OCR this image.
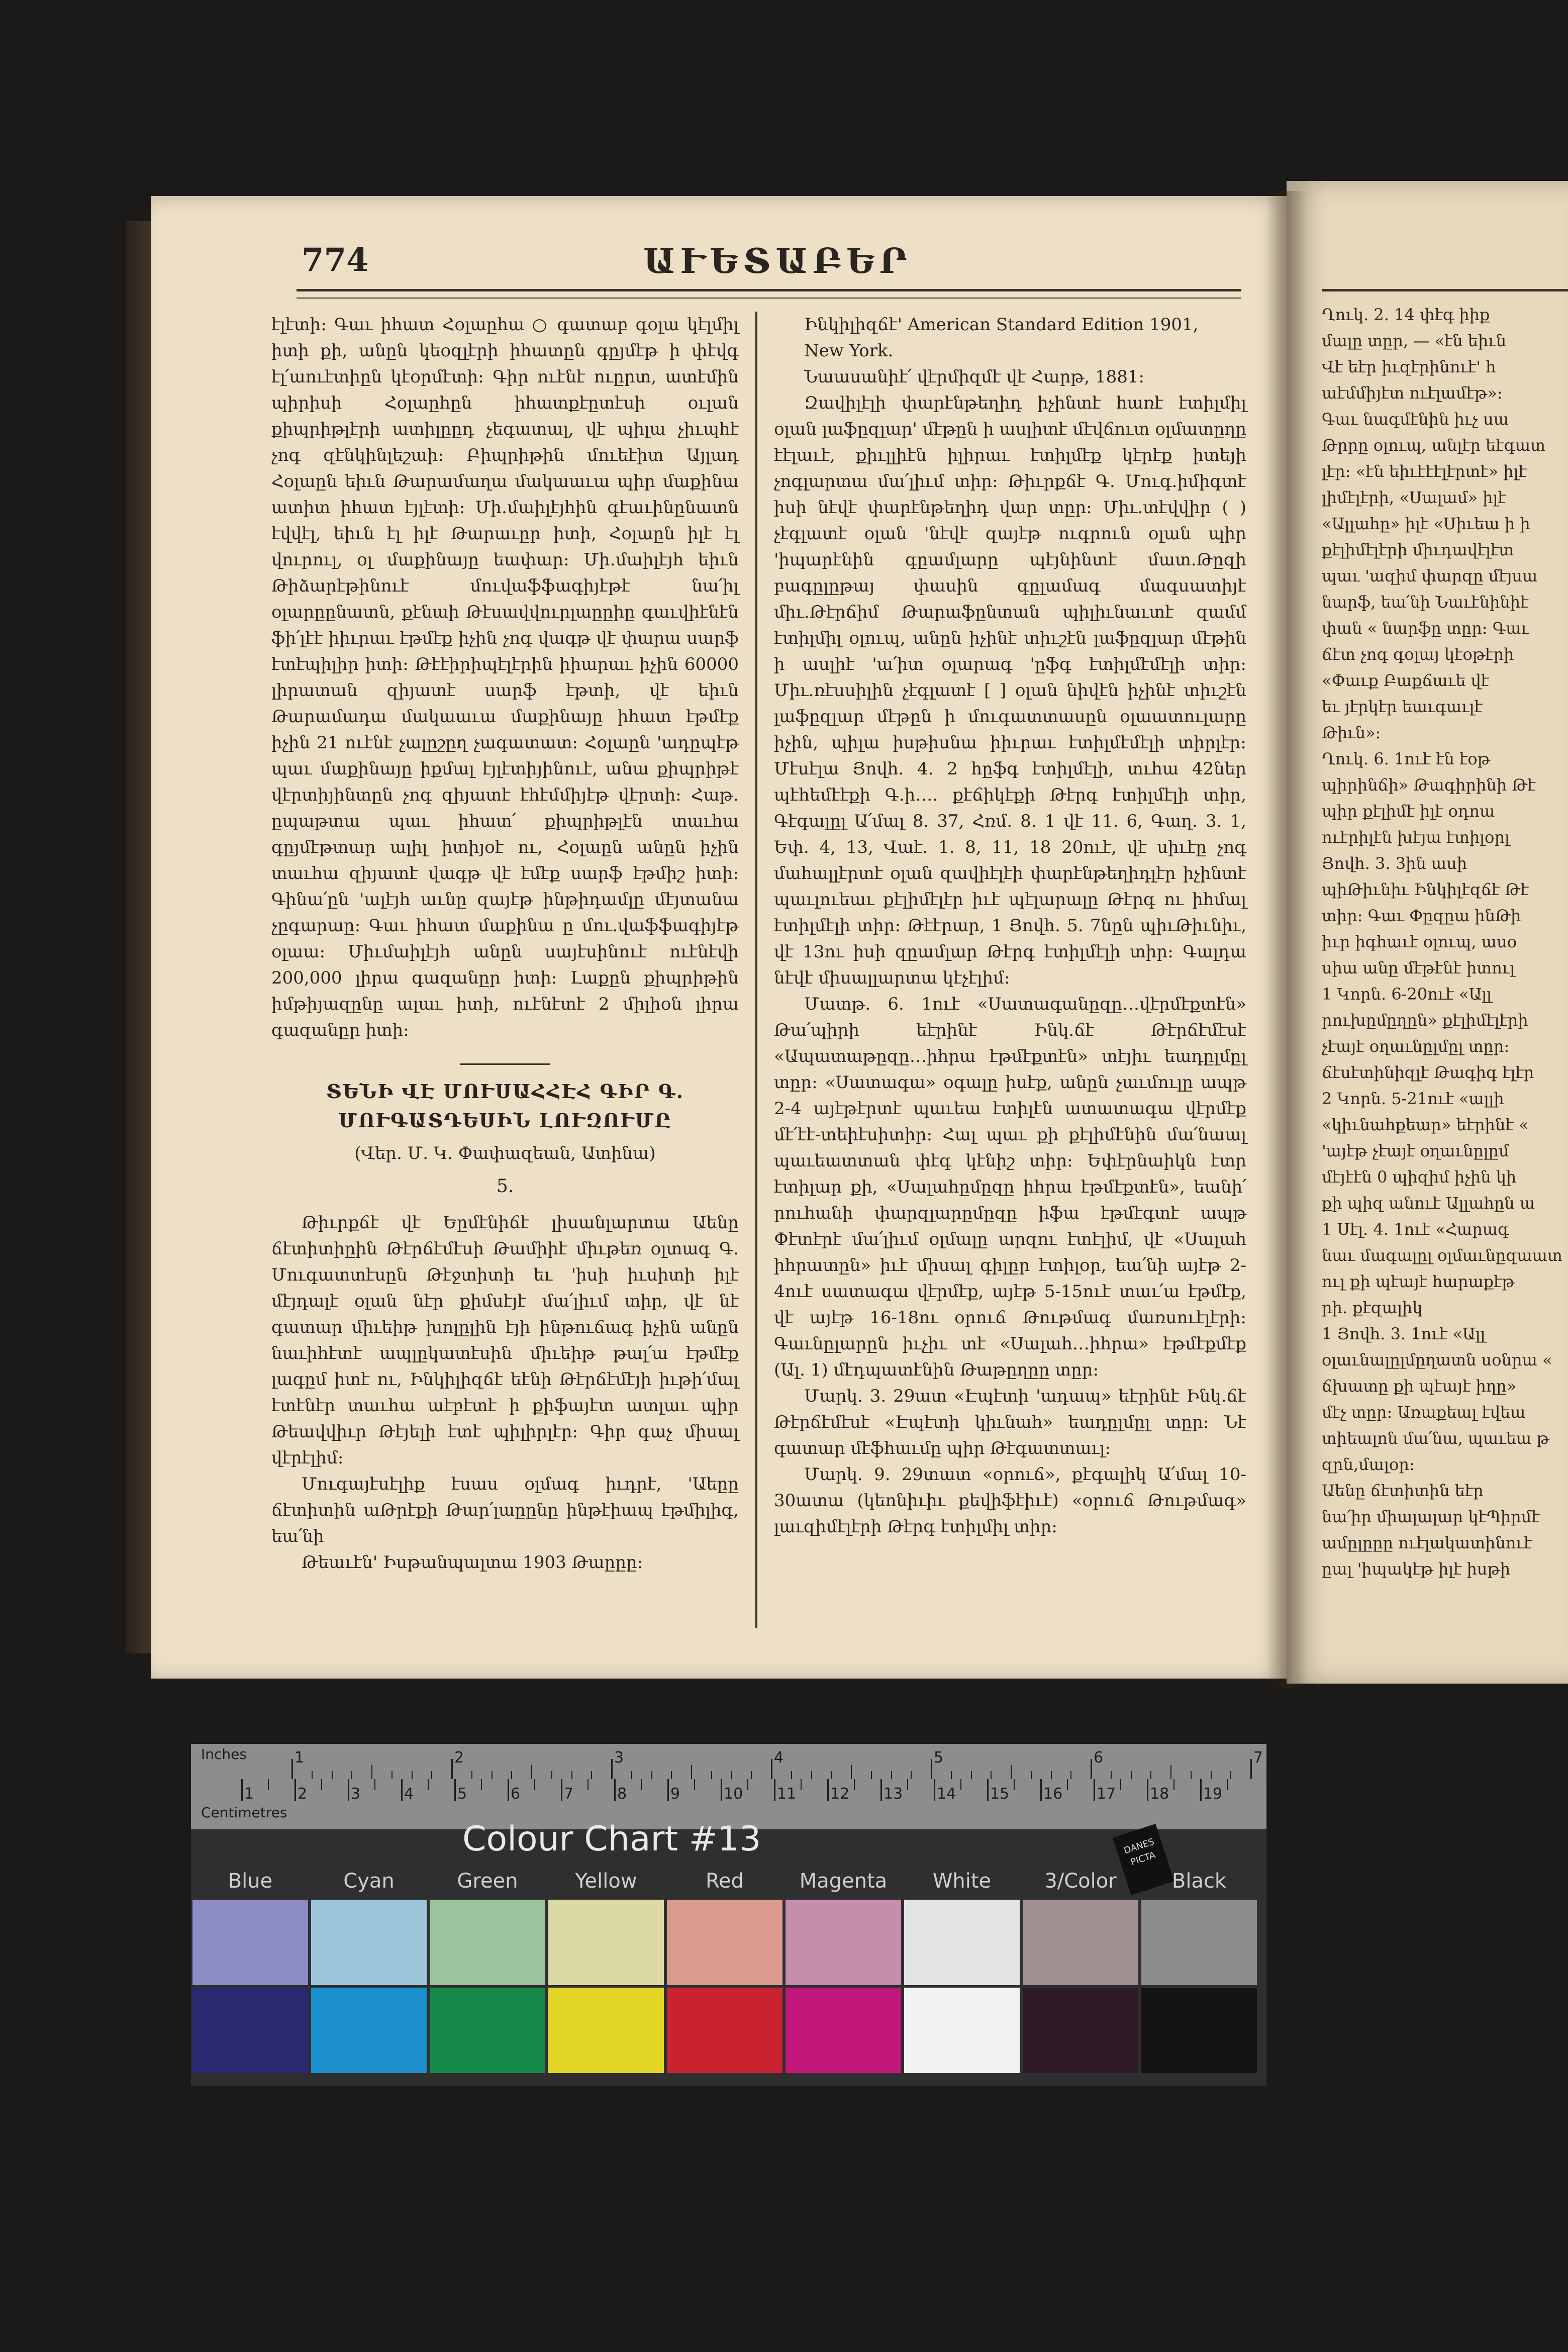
774	ԱՒԵՏԱԲԵՐ

էլէտի։ Գաւ իհատ Հօլաըհա ○ գատաբ գօլա կէլմիլ իտի քի, անըն կեօզլէրի իհատըն գըյմէթ ի փէվգ էլ՛աուէտիըն կէօրմէտի։ Գիր ուէնէ ուըրտ, ատէմին պիրիսի Հօլաըհըն իհատքէըտէսի օւլան քիպրիթլէրի ատիլըըդ չեգատալ, վէ պիլա չիւպհէ չոգ զէնկինլեշաի։ Բիպրիթին մուեէիտ Այլադ Հօլաըն եիւն Թարամաղա մակաաւա պիր մաքինա ատիտ իհատ էյլէտի։ Մի․մաիլէյհին գէաւինընատն էվվէլ, եիւն էլ իլէ Թարաւըր իտի, Հօլաըն իլէ էլ վուրուլ, օլ մաքինայը եափար։ Մի․մաիլէյհ եիւն Թիձարէթինուէ մուվաֆֆագիյէթէ նա՛իլ օլարըընատն, քէնաի Թէսավվուրլաըըիը գաւվիէնէն ֆի՛լէէ իիւրաւ էթմէք իչին չոգ վագթ վէ փարա սարֆ էտէպիլիր իտի։ Թէէիրիպէլէրին իիարաւ իչին 60000 լիրատան զիյատէ սարֆ էթտի, վէ եիւն Թարամադա մակաաւա մաքինայը իհատ էթմէք իչին 21 ուէնէ չալըշըղ չագատատ։ Հօլաըն 'ադըպէթ պաւ մաքինայը իքմալ էյլէտիյինուէ, անա քիպրիթէ վէրտիյինտըն չոգ զիյատէ էհէմմիյէթ վէրտի։ Հաթ․ըպաթտա պաւ իհատ՛ քիպրիթլէն տաւհա գըյմէթտար ալիլ իտիյօէ ու, Հօլաըն անըն իչին տաւհա զիյատէ վագթ վէ էմէք սարֆ էթմիշ իտի։ Գինա՛ըն 'ալէյհ աւնը զայէթ ինթիդամլը մէյտանա չըգարաը։ Գաւ իհատ մաքինա ը մու.վաֆֆագիյէթ օլաա։ Միւմաիլէյհ անըն սայէսինուէ ուէնէվի 200,000 լիրա գազանըր իտի։ Լաքըն քիպրիթին իմթիյազընը ալաւ իտի, ուէնէտէ 2 միլիօն լիրա գազանըր իտի։

ՏԵՆԻ ՎԷ ՄՈՒՍԱՀՀԷՀ ԳԻՐ Գ. ՄՈՒԳԱՏԴԵՍԻՆ ԼՈՒԶՈՒՄԸ
(Վեր. Մ. Կ. Փափազեան, Ատինա)
5.

Թիւրքճէ վէ Եըմէնիճէ լիսանլարտա Աենը ճէտիտիըին Թէրճէմէսի Թամիիէ միւթեռ օլտագ Գ. Մուգատտէսըն Թէջտիտի եւ 'իսի իւսիտի իլէ մէյդալէ օլան նէր քիմսէյէ մա՛լիւմ տիր, վէ նէ գատար միւեիթ խոլըլին էյի ինթուճագ իչին անըն նաւիհէտէ ապլըկատէսին միւեիթ թալ՛ա էթմէք լագըմ իտէ ու, Ինկիլիզճէ եէնի Թէրճէմէյի իւթի՛մալ էտէնէր տաւհա աէբէտէ ի քիֆայէտ ատլաւ պիր Թեավվիւր Թէյելի էտէ պիլիրլէր։ Գիր գաչ միսալ վէրէլիմ։

Մուգայէսէլիք էսաս օլմագ իւդրէ, 'Աեըը ճէտիտին աԹրէքի Թար՛լաըընը ինթէիապ էթմիլիգ, եա՛նի

Թեաւէն' Իսթանպալտա 1903 Թաըըը։

Ինկիլիզճէ' American Standard Edition 1901,

New York.

Նաասանիէ՛ վէրմիզմէ վէ Հարթ, 1881։

Զավիլէլի փարէնթեղիդ իչինտէ հառէ էտիլմիլ օլան լաֆըզլար' մէթըն ի ասլիտէ մէվճուտ օլմատըղը էէլաւէ, քիւլլիէն իլիրաւ էտիլմէք կէրէք իտեյի չոգլարտա մա՛լիւմ տիր։ Թիւրքճէ Գ. Մուգ.իմիգտէ իսի նէվէ փարէնթեղիդ վար տըր։ Միւ.տէվվիր ( ) չէգլատէ օլան 'նէվէ զայէթ ուգրուն օլան պիր 'իպարէնին գըամլարը պէյնինտէ մատ.Թըզի բագըլըթայ փասին գըլամագ մագսատիյէ միւ.Թէրճիմ Թարաֆընտան պիլիւնաւտէ զամմ էտիլմիլ օլուպ, անըն իչինէ տիւշէն լաֆըզլար մէթին ի ասլիէ 'ա՛իտ օլարագ 'ըֆգ էտիլմէմէլի տիր։ Միւ.ռէսսիլին չէգլատէ [ ] օլան նիվէն իչինէ տիւշէն լաֆըզլար մէթըն ի մուգատտասըն օլաատուլարը իչին, պիլա իսթիսնա իիւրաւ էտիլմէմէլի տիրլէր։ Մէսէլա Յովհ. 4. 2 հըֆգ էտիլմէլի, տւհա 42ներ պէհեմէէքի Գ.ի․․․․ քէճիկէքի Թէրգ էտիլմէլի տիր, Գէգալըլ Ա՛մալ 8. 37, Հռմ. 8. 1 վէ 11. 6, Գաղ. 3. 1, Եփ. 4, 13, Վաէ. 1. 8, 11, 18 20ուէ, վէ սիւէը չոգ մահալլէրտէ օլան զավիէլէի փարէնթեղիդլէր իչինտէ պաւլուեաւ քէլիմէլէր իւէ պէլարալը Թէրգ ու իհմալ էտիլմէլի տիր։ Թէէրար, 1 Յովհ. 5. 7նըն պիւԹիւնիւ, վէ 13ու իսի զըամլար Թէրգ էտիլմէլի տիր։ Գալդա նէվէ միսալլարտա կէչէլիմ։

Մատթ. 6. 1ուէ «Սատագանըզը․․․վէրմէքտէն» Թա՛պիրի եէրինէ Ինկ.ճէ Թէրճէմէսէ «Ապատաթըզը․․․իհրա էթմէքտէն» տէյիւ եադըլմըլ տըր։ «Սատագա» օգալը իսէք, անըն չաւմուլը ապթ 2-4 այէթէրտէ պաւեա էտիլէն ատատագա վէրմէք մէ՛էէ-տեիէսիտիր։ Հալ պաւ քի քէլիմէնին մա՛նաալ պաւեատտան փէգ կէնիշ տիր։ Եփէրնաիկն էտր էտիլար քի, «Սալահըմըզը իհրա էթմէքտէն», եանի՛ րուհանի փարզլարըմըզը իֆա էթմէգտէ ապթ Փէտէրէ մա՛լիւմ օլմալը արզու էտէլիմ, վէ «Սալահ իհրատըն» իւէ միսալ գիլըր էտիլօր, եա՛նի այէթ 2-4ուէ սատագա վէրմէք, այէթ 5-15ուէ տաւ՛ա էթմէք, վէ այէթ 16-18ու օրուճ Թութմագ մառսուէլէրի։ Գաւնըլարըն իւչիւ տէ «Սալահ․․․իհրա» էթմէքմէք (Ալ. 1) մէդպատէնին Թաթըղըը տըր։

Մարկ. 3. 29ատ «Էպէտի 'ադապ» եէրինէ Ինկ.ճէ Թէրճէմէսէ «Էպէտի կիւնահ» եադըլմըլ տըր։ Նէ գատար մէֆհաւմը պիր Թէգատտաւլ։

Մարկ. 9. 29տատ «օրուճ», քէգալիկ Ա՛մալ 10-30ատա (կեոնիւիւ քեվիֆէիւէ) «օրուճ Թութմագ» լաւզիմէլէրի Թէրգ էտիլմիլ տիր։

Ղուկ. 2. 14 փէգ իիք
մալը տըր, — «էն եիւն
Վէ եէր իւզէրինուէ' հ
աէմմիյէտ ուէլամէթ»։
Գաւ նագմէնին իւչ սա
Թրրը օլուպ, անլէր եէգատ
լէր։ «էն եիւէէէլէրտէ» իլէ
լիմէլէրի, «Սալամ» իլէ
«Ալլահը» իլէ «Սիւեա ի ի
քէլիմէլէրի միւդավէլէտ
պաւ 'ազիմ փարզը մէյսա
նարֆ, եա՛նի Նաւէնինիէ
փան « նարֆը տըր։ Գաւ
ճէտ չոգ գօլայ կէօթէրի
«Փաւք Բաքճաւե վէ
եւ յէրկէր եաւգաւլէ
Թիւն»։
Ղուկ. 6. 1ուէ էն էօթ
պիրինճի» Թագիրինի Թէ
պիր քէլիմէ իլէ օդոա
ուէրիլէն խէյա էտիլօրլ
Յովհ. 3. 3ին ասի
պիԹիւնիւ Ինկիլէզճէ Թէ
տիր։ Գաւ Փըզըա ինԹի
իւր իգհաւէ օլուպ, ասօ
սիա անը մէթէնէ իտուլ
1 Կորն. 6-20ուէ «Ալլ
րուխըմըղըն» քէլիմէլէրի
չէայէ օղաւնըլմըլ տըր։
ճէսէտինիզլէ Թագիգ էլէր
2 Կորն. 5-21ուէ «ալլի
«կիւնահքեար» եէրինէ «
'այէթ չէայէ օղաւնըլըմ
մէյէէն 0 պիզիմ իչին կի
քի պիզ անուէ Ալլահըն ա
1 Սէլ. 4. 1ուէ «Հարագ
նաւ մագալըլ օլմաւնըզաատ
ուլ քի պէայէ հարաքէթ
րի. քէզալիկ
1 Յովհ. 3. 1ուէ «Ալլ
օլաւնալըլմըղատն սօնրա «
ճխատը քի պէայէ իղը»
մէչ տըր։ Առաքեալ էվեա
տիեալոն մա՛նա, պաւեա թ
զրն,մալօր։
Աենը ճէտիտին եէր
նա՛իր միալալար կէՊիրմէ
ամըլըըը ուէլակատինուէ
ըալ 'իպակէթ իլէ իսթի
Inches
Centimetres
1	2	3	4	5	6	7	8
1	2	3	4	5	6	7	8	9	10 11 12 13 14 15 16 17 18 19
Colour Chart #13	DANES PICTA
Blue	Cyan	Green	Yellow	Red	Magenta	White	3/Color	Black
